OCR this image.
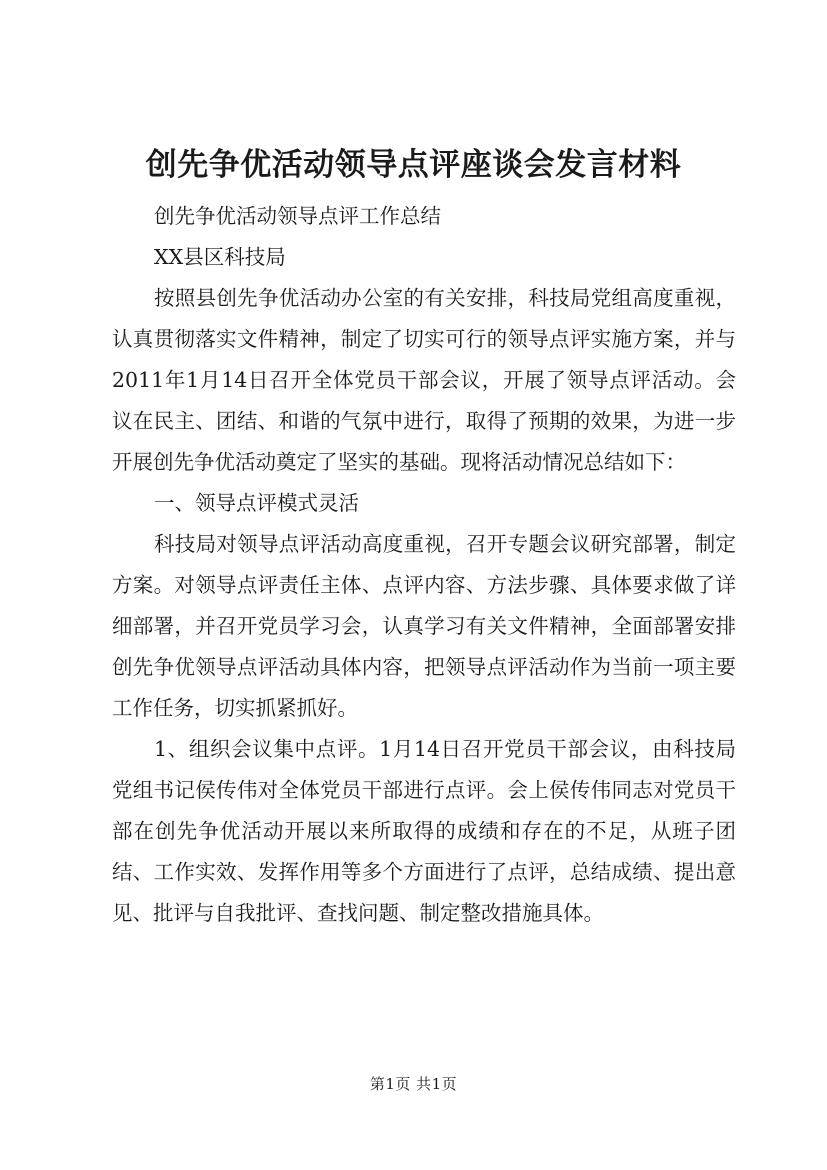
创先争优活动领导点评座谈会发言材料

创先争优活动领导点评工作总结

XX县区科技局

按照县创先争优活动办公室的有关安排，科技局党组高度重视，认真贯彻落实文件精神，制定了切实可行的领导点评实施方案，并与2011年1月14日召开全体党员干部会议，开展了领导点评活动。会议在民主、团结、和谐的气氛中进行，取得了预期的效果，为进一步开展创先争优活动奠定了坚实的基础。现将活动情况总结如下：

一、领导点评模式灵活

科技局对领导点评活动高度重视，召开专题会议研究部署，制定方案。对领导点评责任主体、点评内容、方法步骤、具体要求做了详细部署，并召开党员学习会，认真学习有关文件精神，全面部署安排创先争优领导点评活动具体内容，把领导点评活动作为当前一项主要工作任务，切实抓紧抓好。

1、组织会议集中点评。1月14日召开党员干部会议，由科技局党组书记侯传伟对全体党员干部进行点评。会上侯传伟同志对党员干部在创先争优活动开展以来所取得的成绩和存在的不足，从班子团结、工作实效、发挥作用等多个方面进行了点评，总结成绩、提出意见、批评与自我批评、查找问题、制定整改措施具体。

第1页 共1页
